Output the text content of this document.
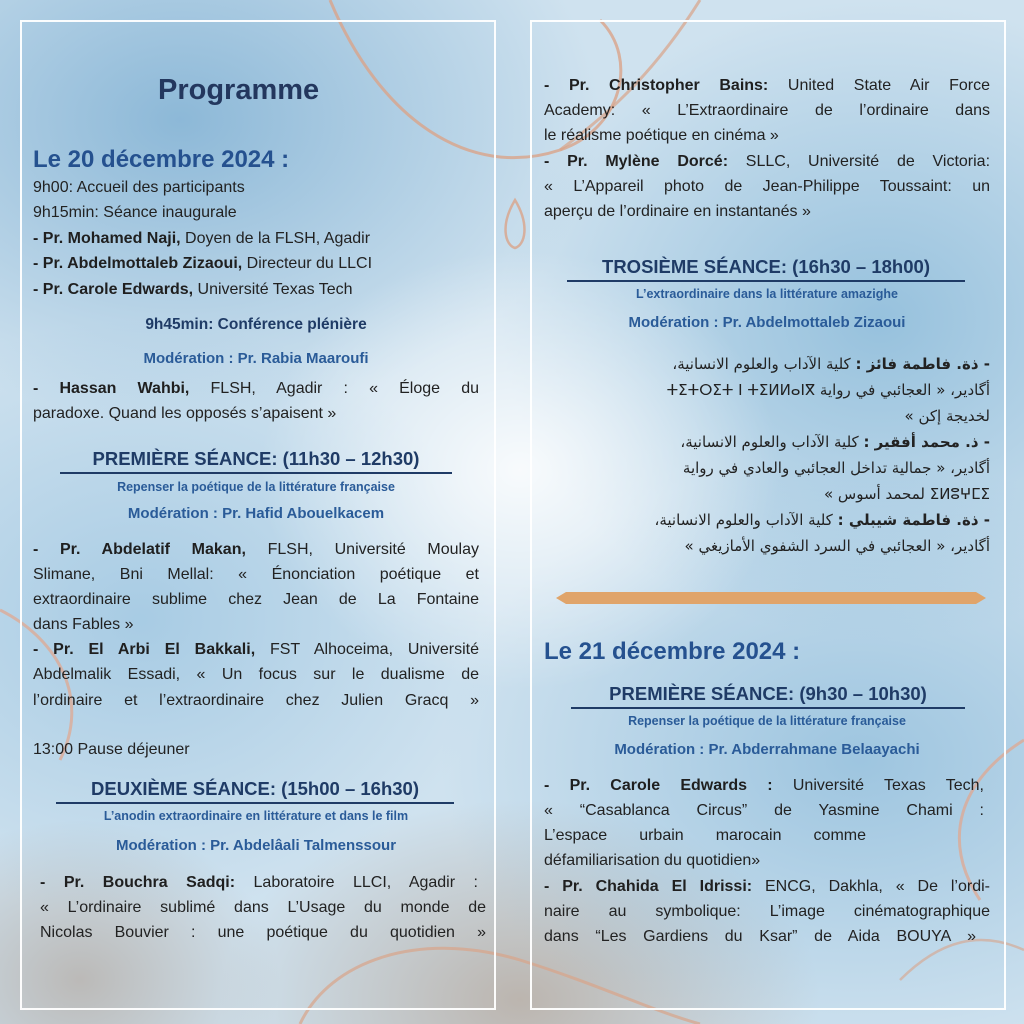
Programme
Le 20 décembre 2024 :
9h00: Accueil des participants
9h15min: Séance inaugurale
- Pr. Mohamed Naji, Doyen de la FLSH, Agadir
- Pr. Abdelmottaleb Zizaoui, Directeur du LLCI
- Pr. Carole Edwards, Université Texas Tech
9h45min: Conférence plénière
Modération : Pr. Rabia Maaroufi
- Hassan Wahbi, FLSH, Agadir : « Éloge du
paradoxe. Quand les opposés s’apaisent »
PREMIÈRE SÉANCE: (11h30 – 12h30)
Repenser la poétique de la littérature française
Modération : Pr. Hafid Abouelkacem
- Pr. Abdelatif Makan, FLSH, Université Moulay
Slimane, Bni Mellal: « Énonciation poétique et
extraordinaire sublime chez Jean de La Fontaine
dans Fables »
- Pr. El Arbi El Bakkali, FST Alhoceima, Université
Abdelmalik Essadi, « Un focus sur le dualisme de
l’ordinaire et l’extraordinaire chez Julien Gracq »
13:00 Pause déjeuner
DEUXIÈME SÉANCE: (15h00 – 16h30)
L’anodin extraordinaire en littérature et dans le film
Modération : Pr. Abdelâali Talmenssour
- Pr. Bouchra Sadqi: Laboratoire LLCI, Agadir :
« L’ordinaire sublimé dans L’Usage du monde de
Nicolas Bouvier : une poétique du quotidien »
- Pr. Christopher Bains: United State Air Force
Academy: « L’Extraordinaire de l’ordinaire dans
le réalisme poétique en cinéma »
- Pr. Mylène Dorcé: SLLC, Université de Victoria:
« L’Appareil photo de Jean-Philippe Toussaint: un
aperçu de l’ordinaire en instantanés »
TROSIÈME SÉANCE: (16h30 – 18h00)
L’extraordinaire dans la littérature amazighe
Modération : Pr. Abdelmottaleb Zizaoui
- ذة. فاطمة فائز : كلية الآداب والعلوم الانسانية،
أگادير، « العجائبي في رواية ⵜⵉⵜⵔⵉⵜ ⵏ ⵜⵉⵍⵍⴰⵏⴳ
لخديجة إكن »
- ذ. محمد أفقير : كلية الآداب والعلوم الانسانية،
أگادير، « جمالية تداخل العجائبي والعادي في رواية
ⵉⵍⵓⵖⵎⵉ لمحمد أسوس »
- ذة. فاطمة شيبلي : كلية الآداب والعلوم الانسانية،
أگادير، « العجائبي في السرد الشفوي الأمازيغي »
Le 21 décembre 2024 :
PREMIÈRE SÉANCE: (9h30 – 10h30)
Repenser la poétique de la littérature française
Modération : Pr. Abderrahmane Belaayachi
- Pr. Carole Edwards : Université Texas Tech,
« “Casablanca Circus” de Yasmine Chami :
L’espace urbain marocain comme
défamiliarisation du quotidien»
- Pr. Chahida El Idrissi: ENCG, Dakhla, « De l’ordi-
naire au symbolique: L’image cinématographique
dans “Les Gardiens du Ksar” de Aida BOUYA »
